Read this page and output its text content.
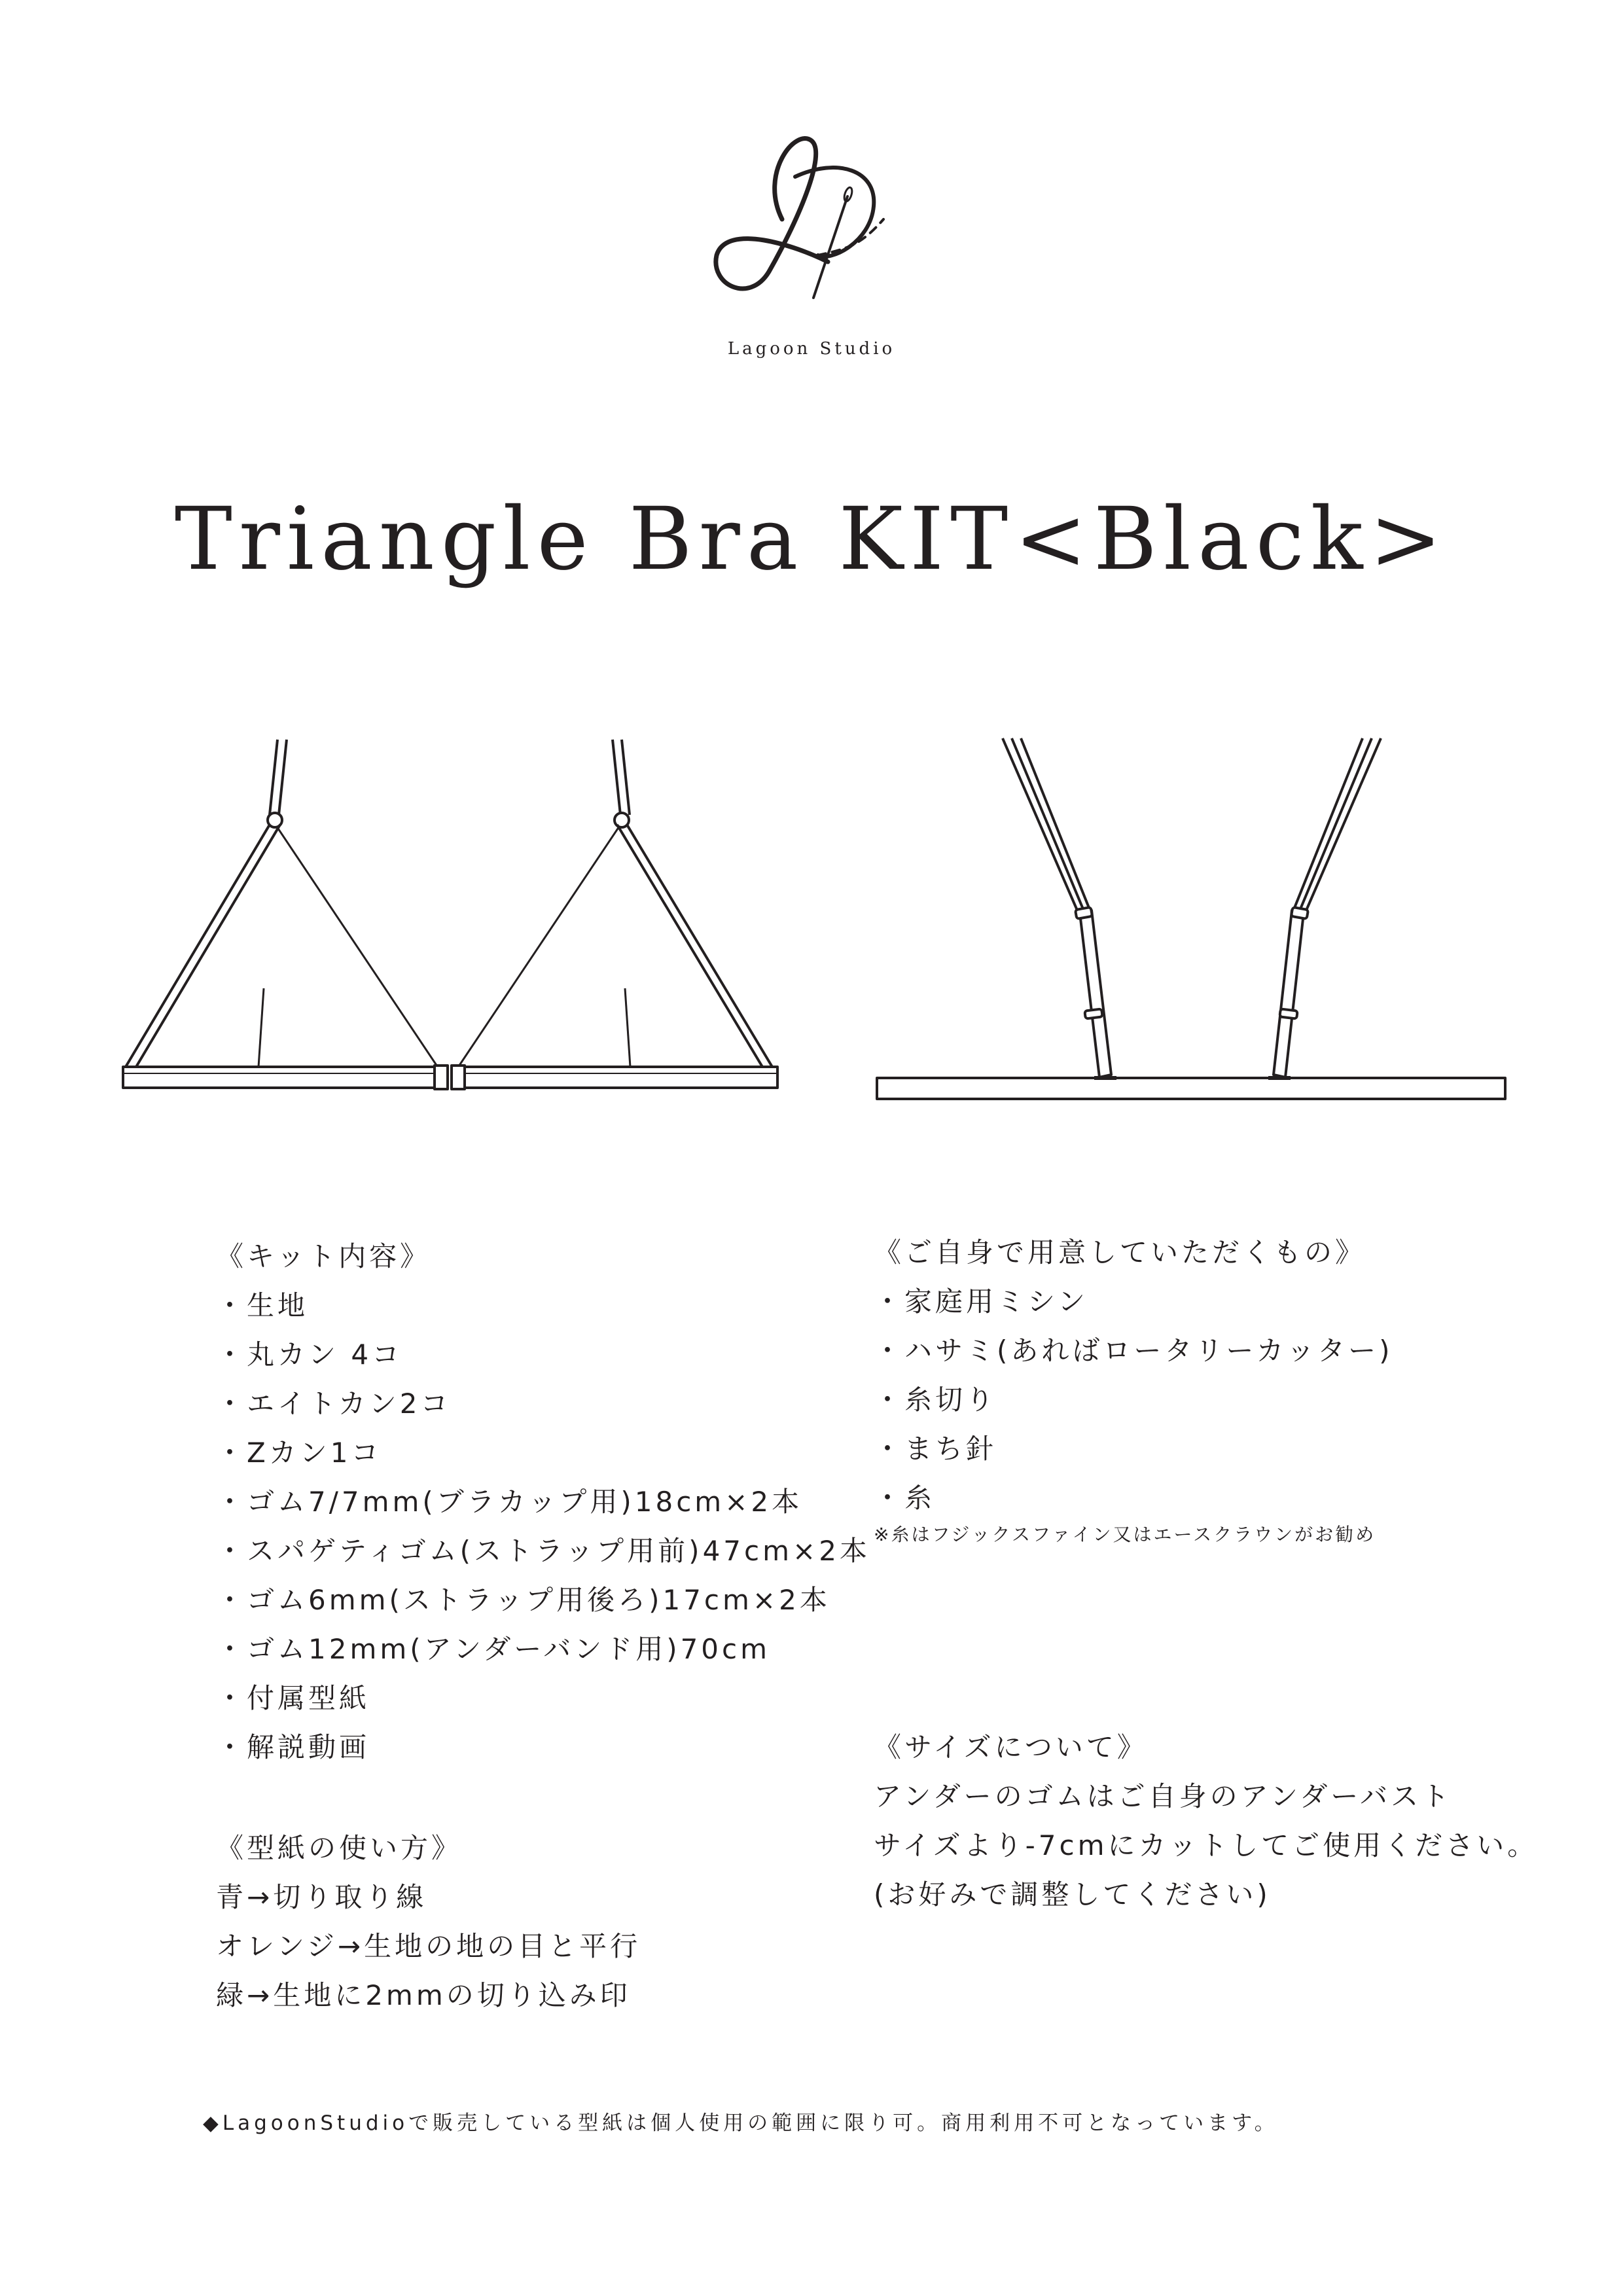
Lagoon Studio
Triangle Bra KIT<Black>
《キット内容》
・生地
・丸カン 4コ
・エイトカン2コ
・Zカン1コ
・ゴム7/7mm(ブラカップ用)18cm×2本
・スパゲティゴム(ストラップ用前)47cm×2本
・ゴム6mm(ストラップ用後ろ)17cm×2本
・ゴム12mm(アンダーバンド用)70cm
・付属型紙
・解説動画
《型紙の使い方》
青→切り取り線
オレンジ→生地の地の目と平行
緑→生地に2mmの切り込み印
《ご自身で用意していただくもの》
・家庭用ミシン
・ハサミ(あればロータリーカッター)
・糸切り
・まち針
・糸
※糸はフジックスファイン又はエースクラウンがお勧め
《サイズについて》
アンダーのゴムはご自身のアンダーバスト
サイズより-7cmにカットしてご使用ください。
(お好みで調整してください)
◆LagoonStudioで販売している型紙は個人使用の範囲に限り可。商用利用不可となっています。
